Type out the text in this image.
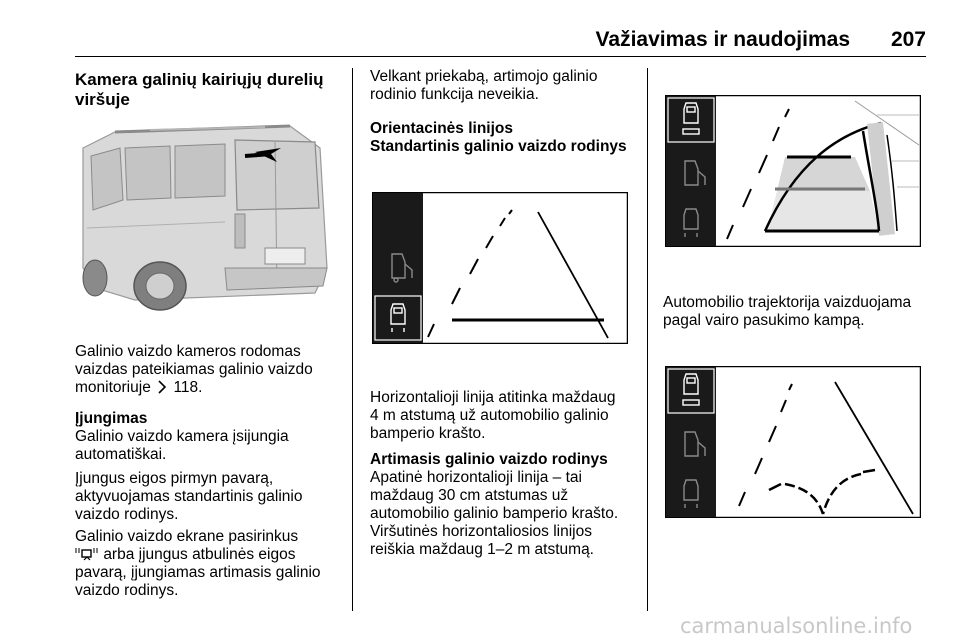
Važiavimas ir naudojimas	207
Kamera galinių kairiųjų durelių
viršuje
Galinio vaizdo kameros rodomas
vaizdas pateikiamas galinio vaizdo
monitoriuje 118.
Įjungimas
Galinio vaizdo kamera įsijungia
automatiškai.
Įjungus eigos pirmyn pavarą,
aktyvuojamas standartinis galinio
vaizdo rodinys.
Galinio vaizdo ekrane pasirinkus
arba įjungus atbulinės eigos
pavarą, įjungiamas artimasis galinio
vaizdo rodinys.
Velkant priekabą, artimojo galinio
rodinio funkcija neveikia.
Orientacinės linijos
Standartinis galinio vaizdo rodinys
Horizontalioji linija atitinka maždaug
4 m atstumą už automobilio galinio
bamperio krašto.
Artimasis galinio vaizdo rodinys
Apatinė horizontalioji linija – tai
maždaug 30 cm atstumas už
automobilio galinio bamperio krašto.
Viršutinės horizontaliosios linijos
reiškia maždaug 1–2 m atstumą.
Automobilio trajektorija vaizduojama
pagal vairo pasukimo kampą.
carmanualsonline.info
